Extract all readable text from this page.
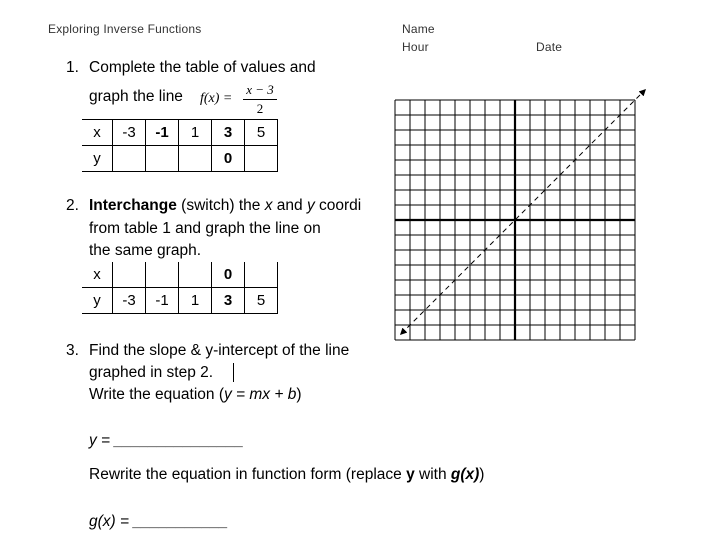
Exploring Inverse Functions	Name
Hour	Date
1. Complete the table of values and
graph the line f(x) =
x − 3
2
x	-3	-1	1	3	5
y				0	
2. Interchange (switch) the x and y coordi
from table 1 and graph the line on
the same graph.
x				0	
y	-3	-1	1	3	5
3. Find the slope & y-intercept of the line
graphed in step 2.
Write the equation (y = mx + b)
y = _______________
Rewrite the equation in function form (replace y with g(x))
g(x) = ___________
